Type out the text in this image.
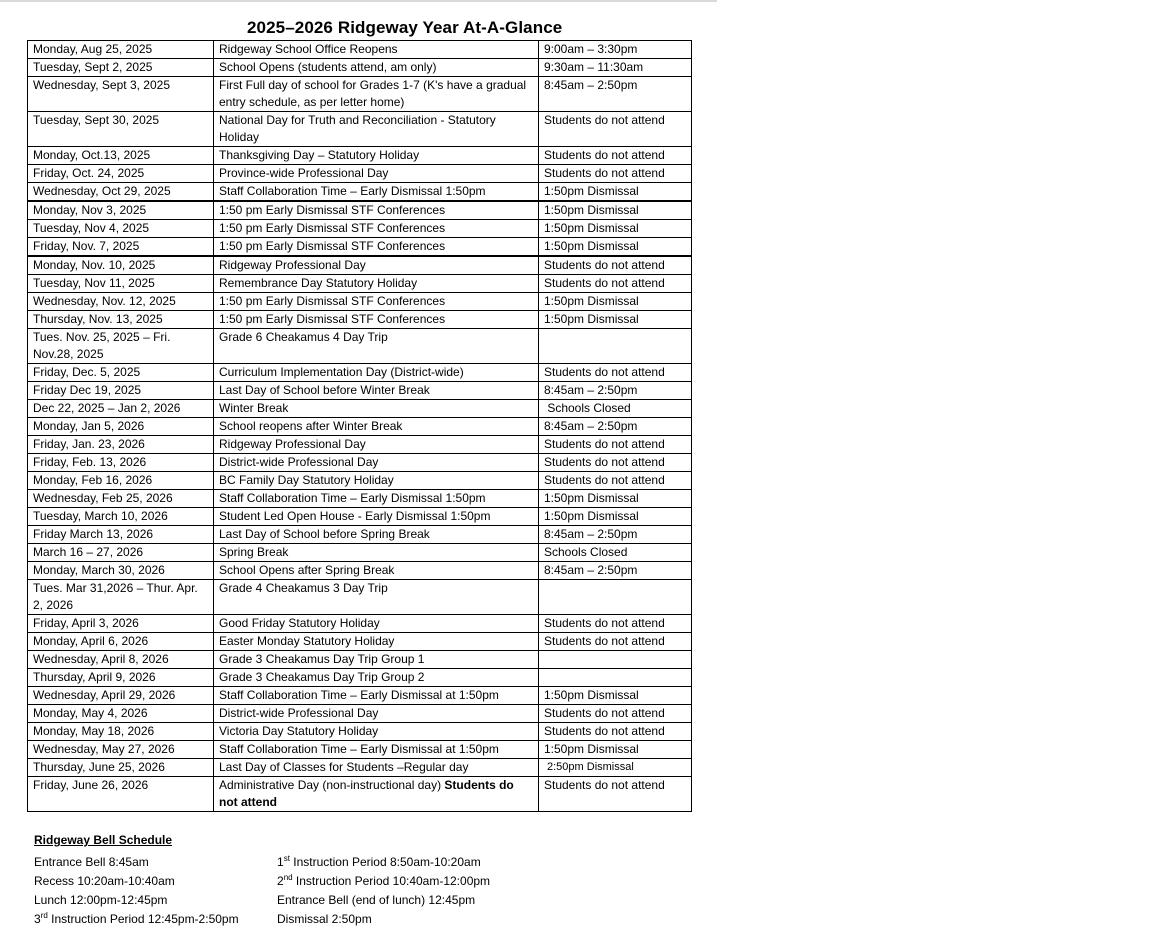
2025–2026 Ridgeway Year At-A-Glance
Monday, Aug 25, 2025	Ridgeway School Office Reopens	9:00am – 3:30pm
Tuesday, Sept 2, 2025	School Opens (students attend, am only)	9:30am – 11:30am
Wednesday, Sept 3, 2025	First Full day of school for Grades 1-7 (K's have a gradual entry schedule, as per letter home)	8:45am – 2:50pm
Tuesday, Sept 30, 2025	National Day for Truth and Reconciliation - Statutory Holiday	Students do not attend
Monday, Oct.13, 2025	Thanksgiving Day – Statutory Holiday	Students do not attend
Friday, Oct. 24, 2025	Province-wide Professional Day	Students do not attend
Wednesday, Oct 29, 2025	Staff Collaboration Time – Early Dismissal 1:50pm	1:50pm Dismissal
Monday, Nov 3, 2025	1:50 pm Early Dismissal STF Conferences	1:50pm Dismissal
Tuesday, Nov 4, 2025	1:50 pm Early Dismissal STF Conferences	1:50pm Dismissal
Friday, Nov. 7, 2025	1:50 pm Early Dismissal STF Conferences	1:50pm Dismissal
Monday, Nov. 10, 2025	Ridgeway Professional Day	Students do not attend
Tuesday, Nov 11, 2025	Remembrance Day Statutory Holiday	Students do not attend
Wednesday, Nov. 12, 2025	1:50 pm Early Dismissal STF Conferences	1:50pm Dismissal
Thursday, Nov. 13, 2025	1:50 pm Early Dismissal STF Conferences	1:50pm Dismissal
Tues. Nov. 25, 2025 – Fri. Nov.28, 2025	Grade 6 Cheakamus 4 Day Trip	
Friday, Dec. 5, 2025	Curriculum Implementation Day (District-wide)	Students do not attend
Friday Dec 19, 2025	Last Day of School before Winter Break	8:45am – 2:50pm
Dec 22, 2025 – Jan 2, 2026	Winter Break	Schools Closed
Monday, Jan 5, 2026	School reopens after Winter Break	8:45am – 2:50pm
Friday, Jan. 23, 2026	Ridgeway Professional Day	Students do not attend
Friday, Feb. 13, 2026	District-wide Professional Day	Students do not attend
Monday, Feb 16, 2026	BC Family Day Statutory Holiday	Students do not attend
Wednesday, Feb 25, 2026	Staff Collaboration Time – Early Dismissal 1:50pm	1:50pm Dismissal
Tuesday, March 10, 2026	Student Led Open House - Early Dismissal 1:50pm	1:50pm Dismissal
Friday March 13, 2026	Last Day of School before Spring Break	8:45am – 2:50pm
March 16 – 27, 2026	Spring Break	Schools Closed
Monday, March 30, 2026	School Opens after Spring Break	8:45am – 2:50pm
Tues. Mar 31,2026 – Thur. Apr. 2, 2026	Grade 4 Cheakamus 3 Day Trip	
Friday, April 3, 2026	Good Friday Statutory Holiday	Students do not attend
Monday, April 6, 2026	Easter Monday Statutory Holiday	Students do not attend
Wednesday, April 8, 2026	Grade 3 Cheakamus Day Trip Group 1	
Thursday, April 9, 2026	Grade 3 Cheakamus Day Trip Group 2	
Wednesday, April 29, 2026	Staff Collaboration Time – Early Dismissal at 1:50pm	1:50pm Dismissal
Monday, May 4, 2026	District-wide Professional Day	Students do not attend
Monday, May 18, 2026	Victoria Day Statutory Holiday	Students do not attend
Wednesday, May 27, 2026	Staff Collaboration Time – Early Dismissal at 1:50pm	1:50pm Dismissal
Thursday, June 25, 2026	Last Day of Classes for Students –Regular day	2:50pm Dismissal
Friday, June 26, 2026	Administrative Day (non-instructional day) Students do not attend	Students do not attend
Ridgeway Bell Schedule
Entrance Bell 8:45am	1st Instruction Period 8:50am-10:20am
Recess 10:20am-10:40am	2nd Instruction Period 10:40am-12:00pm
Lunch 12:00pm-12:45pm	Entrance Bell (end of lunch) 12:45pm
3rd Instruction Period 12:45pm-2:50pm	Dismissal 2:50pm
